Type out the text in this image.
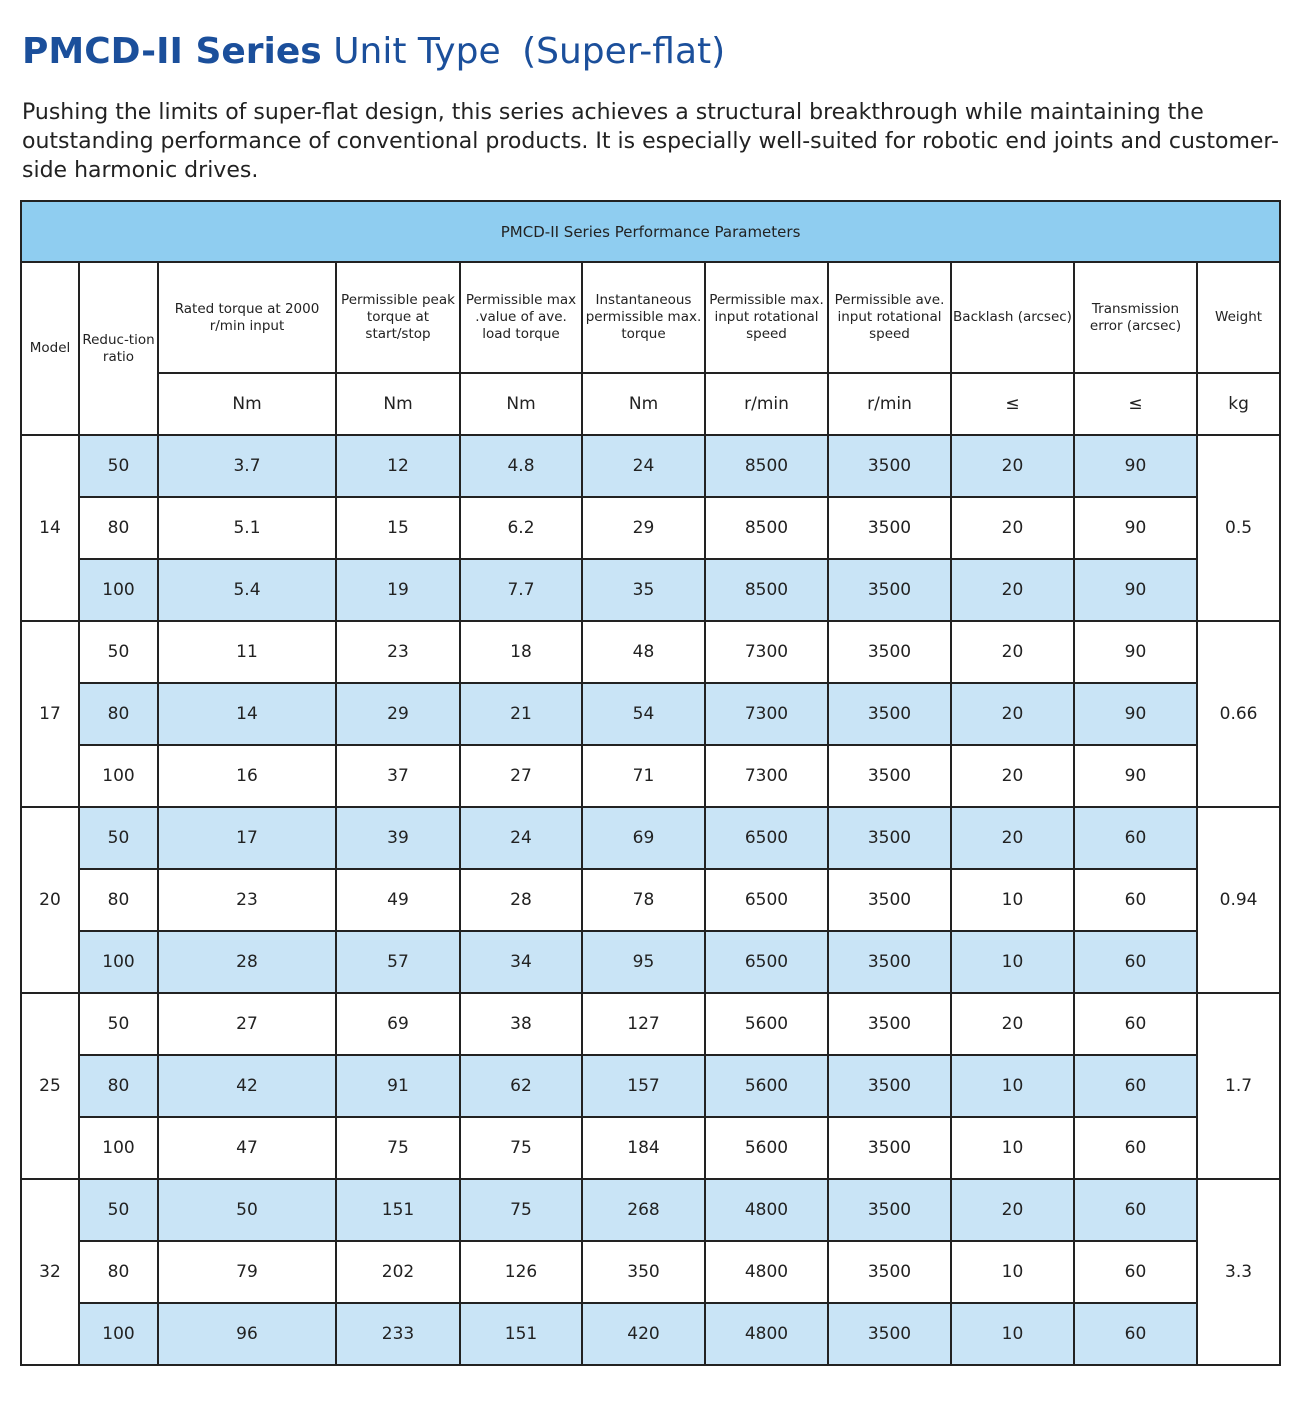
PMCD-II Series Unit Type (Super-flat)
Pushing the limits of super-flat design, this series achieves a structural breakthrough while maintaining the outstanding performance of conventional products. It is especially well-suited for robotic end joints and customer-side harmonic drives.
PMCD-II Series Performance Parameters										
Model	Reduc-tion ratio	Rated torque at 2000 r/min input	Permissible peak torque at start/stop	Permissible max .value of ave. load torque	Instantaneous permissible max. torque	Permissible max. input rotational speed	Permissible ave. input rotational speed	Backlash (arcsec)	Transmission error (arcsec)	Weight
		Nm	Nm	Nm	Nm	r/min	r/min	≤	≤	kg
14	50	3.7	12	4.8	24	8500	3500	20	90	0.5
	80	5.1	15	6.2	29	8500	3500	20	90	
	100	5.4	19	7.7	35	8500	3500	20	90	
17	50	11	23	18	48	7300	3500	20	90	0.66
	80	14	29	21	54	7300	3500	20	90	
	100	16	37	27	71	7300	3500	20	90	
20	50	17	39	24	69	6500	3500	20	60	0.94
	80	23	49	28	78	6500	3500	10	60	
	100	28	57	34	95	6500	3500	10	60	
25	50	27	69	38	127	5600	3500	20	60	1.7
	80	42	91	62	157	5600	3500	10	60	
	100	47	75	75	184	5600	3500	10	60	
32	50	50	151	75	268	4800	3500	20	60	3.3
	80	79	202	126	350	4800	3500	10	60	
	100	96	233	151	420	4800	3500	10	60	
